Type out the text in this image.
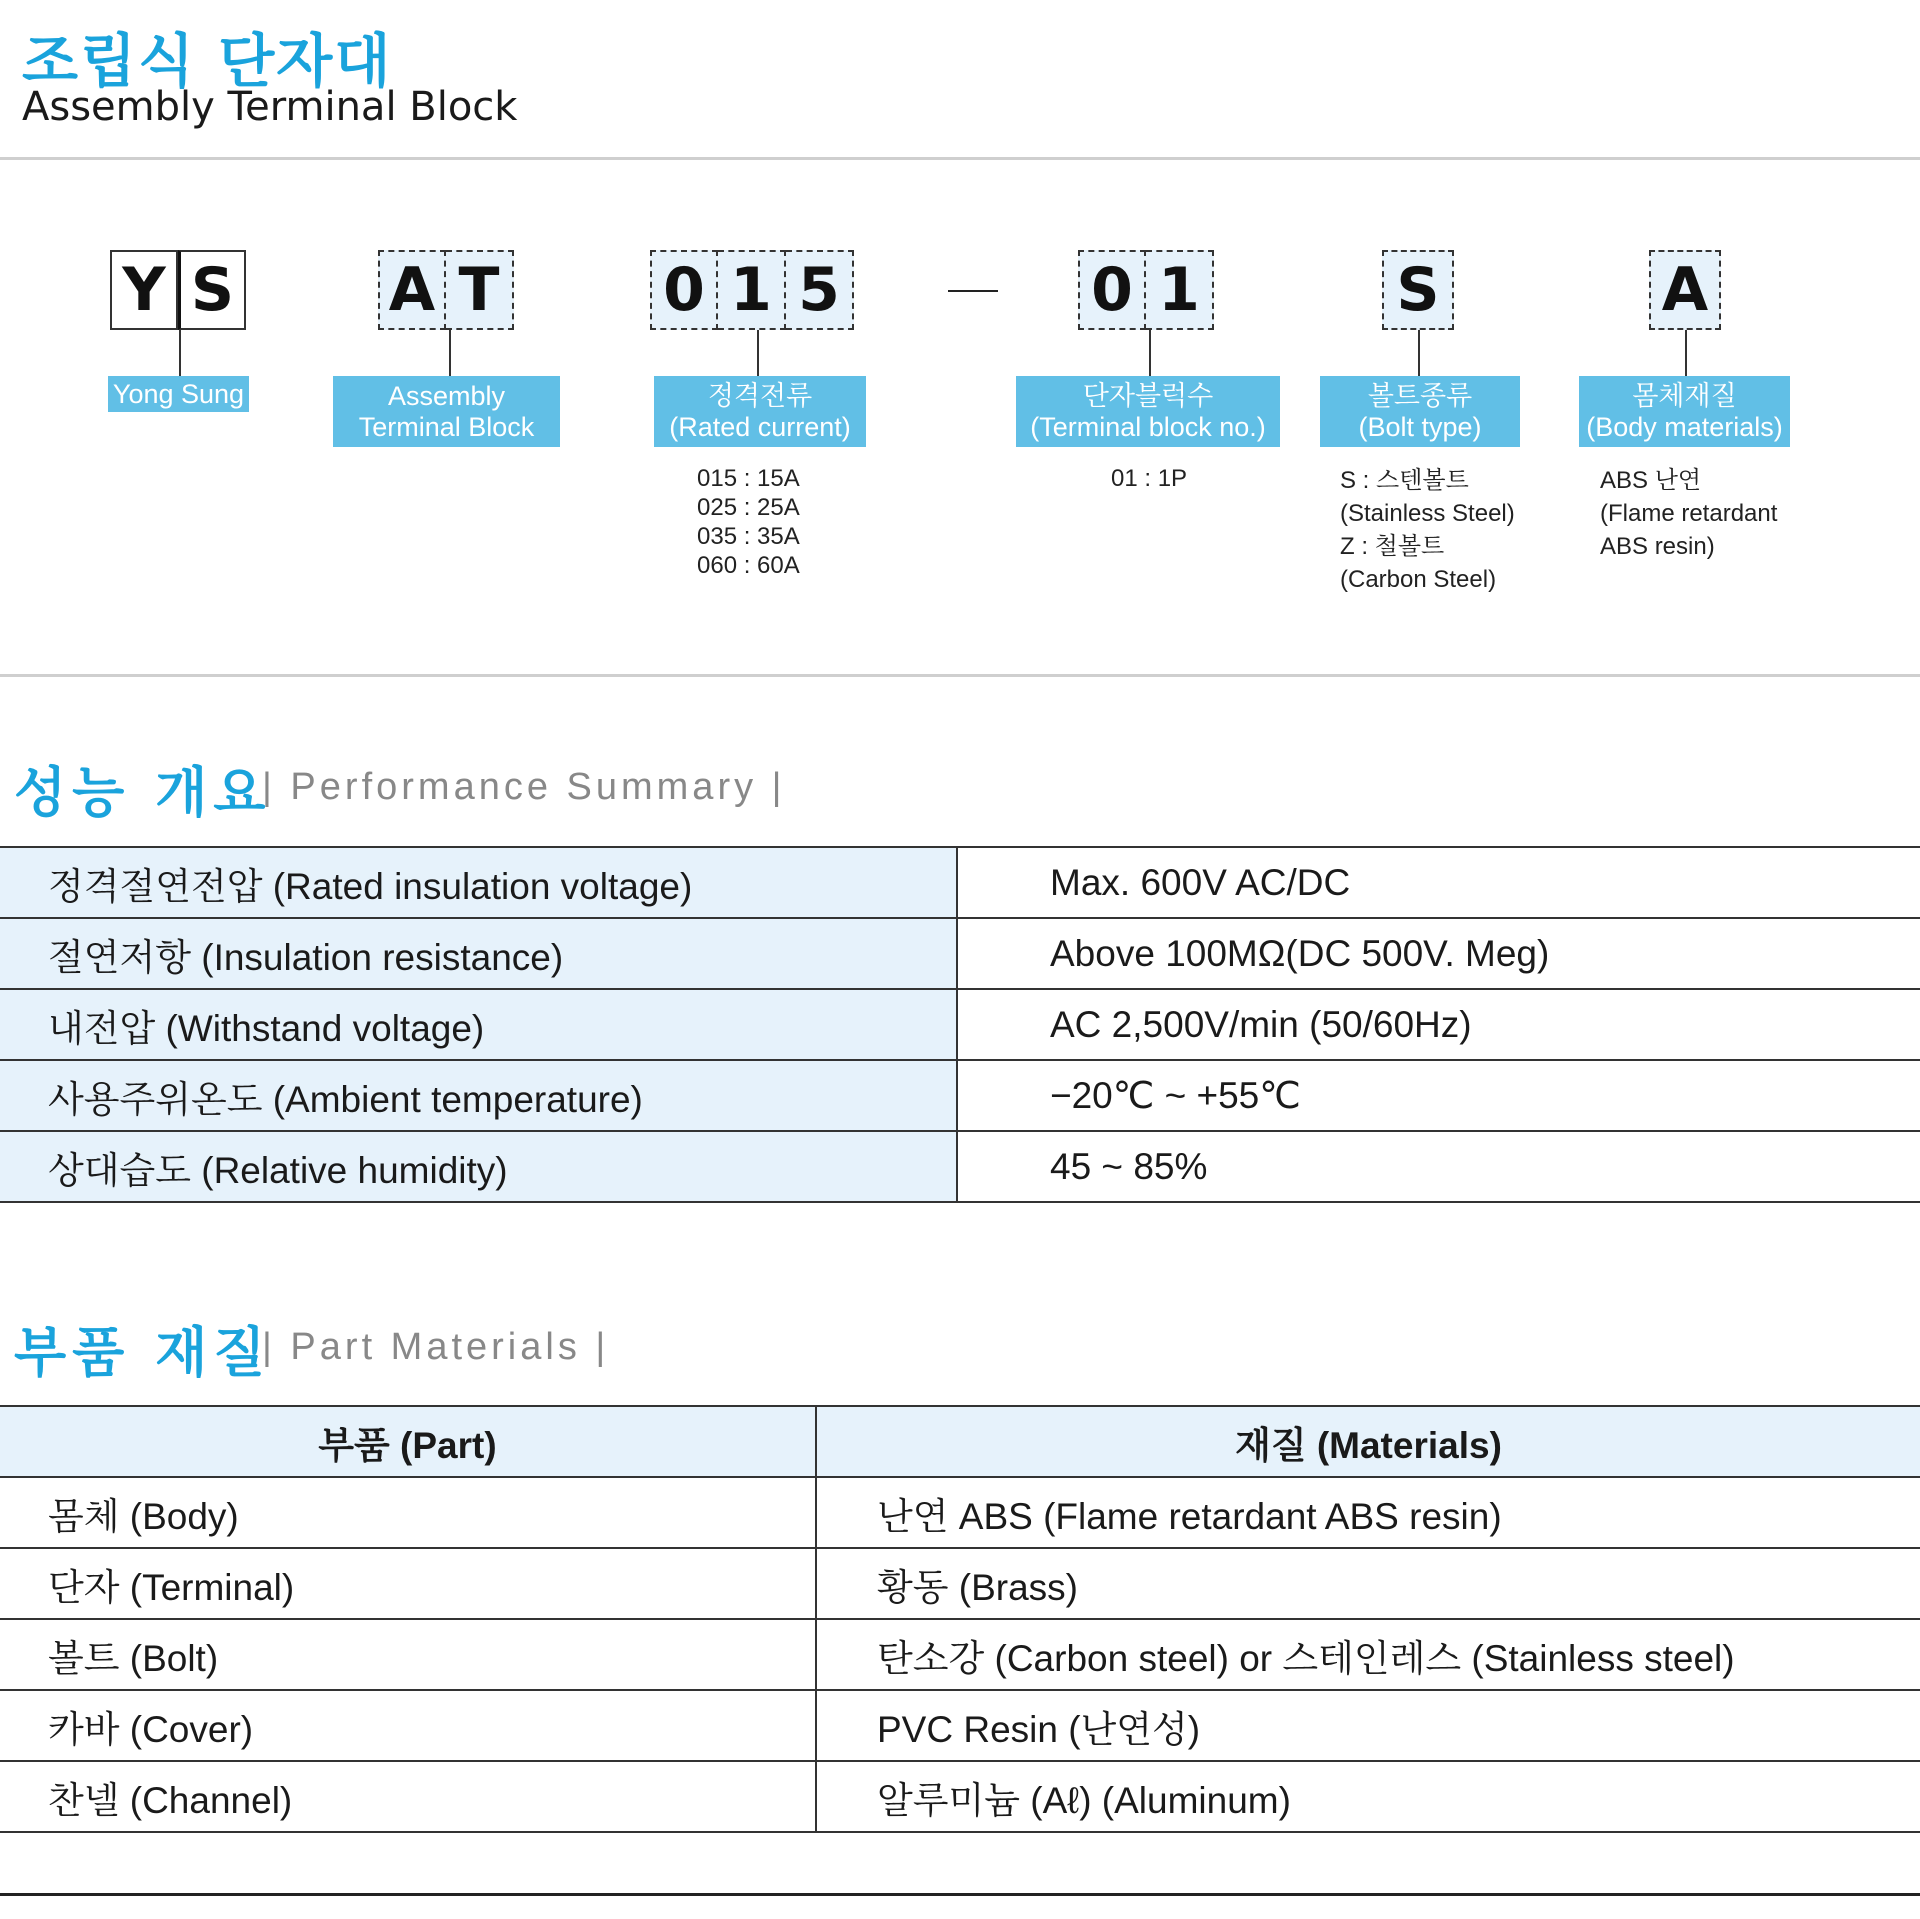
조립식 단자대
Assembly Terminal Block
Y S
Yong Sung
A T
Assembly
Terminal Block
0 1 5
정격전류
(Rated current)
015 : 15A
025 : 25A
035 : 35A
060 : 60A
0 1
단자블럭수
(Terminal block no.)
01 : 1P
S
볼트종류
(Bolt type)
S : 스텐볼트
(Stainless Steel)
Z : 철볼트
(Carbon Steel)
A
몸체재질
(Body materials)
ABS 난연
(Flame retardant
ABS resin)
성능 개요
| Performance Summary |
정격절연전압 (Rated insulation voltage)	Max. 600V AC/DC
절연저항 (Insulation resistance)	Above 100MΩ(DC 500V. Meg)
내전압 (Withstand voltage)	AC 2,500V/min (50/60Hz)
사용주위온도 (Ambient temperature)	−20℃ ~ +55℃
상대습도 (Relative humidity)	45 ~ 85%
부품 재질
| Part Materials |
부품 (Part)	재질 (Materials)
몸체 (Body)	난연 ABS (Flame retardant ABS resin)
단자 (Terminal)	황동 (Brass)
볼트 (Bolt)	탄소강 (Carbon steel) or 스테인레스 (Stainless steel)
카바 (Cover)	PVC Resin (난연성)
찬넬 (Channel)	알루미늄 (Aℓ) (Aluminum)
